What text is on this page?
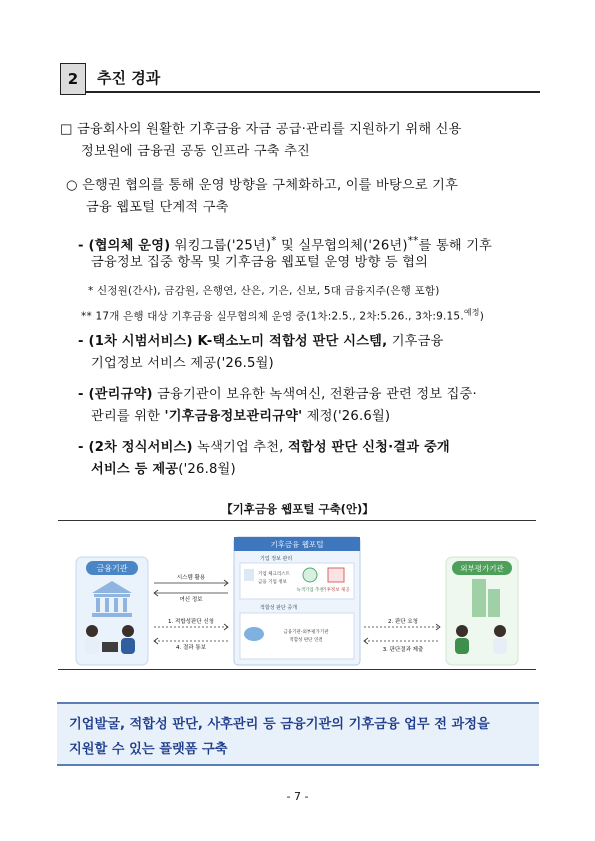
2	추진 경과
□ 금융회사의 원활한 기후금융 자금 공급·관리를 지원하기 위해 신용
정보원에 금융권 공동 인프라 구축 추진
○ 은행권 협의를 통해 운영 방향을 구체화하고, 이를 바탕으로 기후
금융 웹포털 단계적 구축
- (협의체 운영) 워킹그룹('25년)* 및 실무협의체('26년)**를 통해 기후
금융정보 집중 항목 및 기후금융 웹포털 운영 방향 등 협의
* 신정원(간사), 금감원, 은행연, 산은, 기은, 신보, 5대 금융지주(은행 포함)
** 17개 은행 대상 기후금융 실무협의체 운영 중(1차:2.5., 2차:5.26., 3차:9.15.$^{예정}$)
- (1차 시범서비스) K-택소노미 적합성 판단 시스템, 기후금융
기업정보 서비스 제공('26.5월)
- (관리규약) 금융기관이 보유한 녹색여신, 전환금융 관련 정보 집중·
관리를 위한 '기후금융정보관리규약' 제정('26.6월)
- (2차 정식서비스) 녹색기업 추천, 적합성 판단 신청·결과 중개
서비스 등 제공('26.8월)
【기후금융 웹포털 구축(안)】
금융기관
기후금융 웹포털
기업 정보 관리
기업 체크리스트
금융 기업 정보
녹색기업 추천
기후정보 제공
적합성 판단 중개
금융기관-외부평가기관
적합성 판단 연결
외부평가기관
시스템 활용
여신 정보
1. 적합성판단 신청
4. 결과 통보
2. 판단 요청
3. 판단결과 제출
기업발굴, 적합성 판단, 사후관리 등 금융기관의 기후금융 업무 전 과정을
지원할 수 있는 플랫폼 구축
- 7 -
